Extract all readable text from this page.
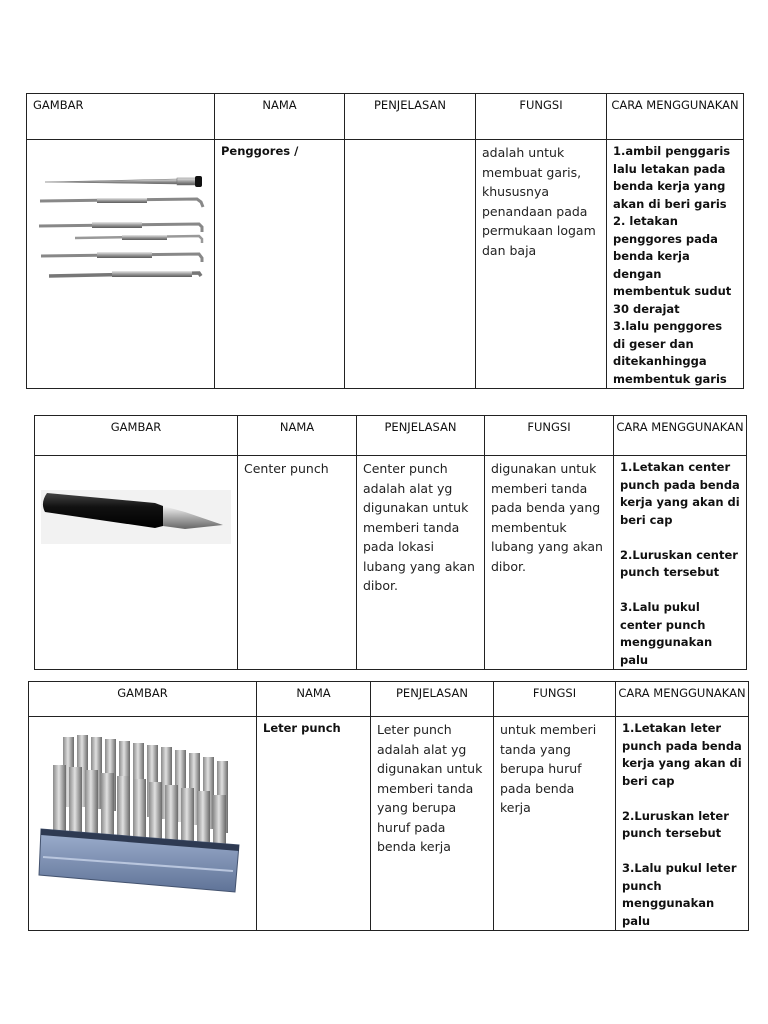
GAMBAR	NAMA	PENJELASAN	FUNGSI	CARA MENGGUNAKAN

	Penggores /		adalah untuk membuat garis, khususnya penandaan pada permukaan logam dan baja	1.ambil penggaris lalu letakan pada benda kerja yang akan di beri garis

2. letakan penggores pada benda kerja dengan membentuk sudut 30 derajat

3.lalu penggores di geser dan ditekanhingga membentuk garis

GAMBAR	NAMA	PENJELASAN	FUNGSI	CARA MENGGUNAKAN

	Center punch	Center punch adalah alat yg digunakan untuk memberi tanda pada lokasi lubang yang akan dibor.	digunakan untuk memberi tanda pada benda yang membentuk lubang yang akan dibor.	1.Letakan center punch pada benda kerja yang akan di beri cap

2.Luruskan center punch tersebut

3.Lalu pukul center punch menggunakan palu

GAMBAR	NAMA	PENJELASAN	FUNGSI	CARA MENGGUNAKAN

	Leter punch	Leter punch adalah alat yg digunakan untuk memberi tanda yang berupa huruf pada benda kerja	untuk memberi tanda yang berupa huruf pada benda kerja	1.Letakan leter punch pada benda kerja yang akan di beri cap

2.Luruskan leter punch tersebut

3.Lalu pukul leter punch menggunakan palu
